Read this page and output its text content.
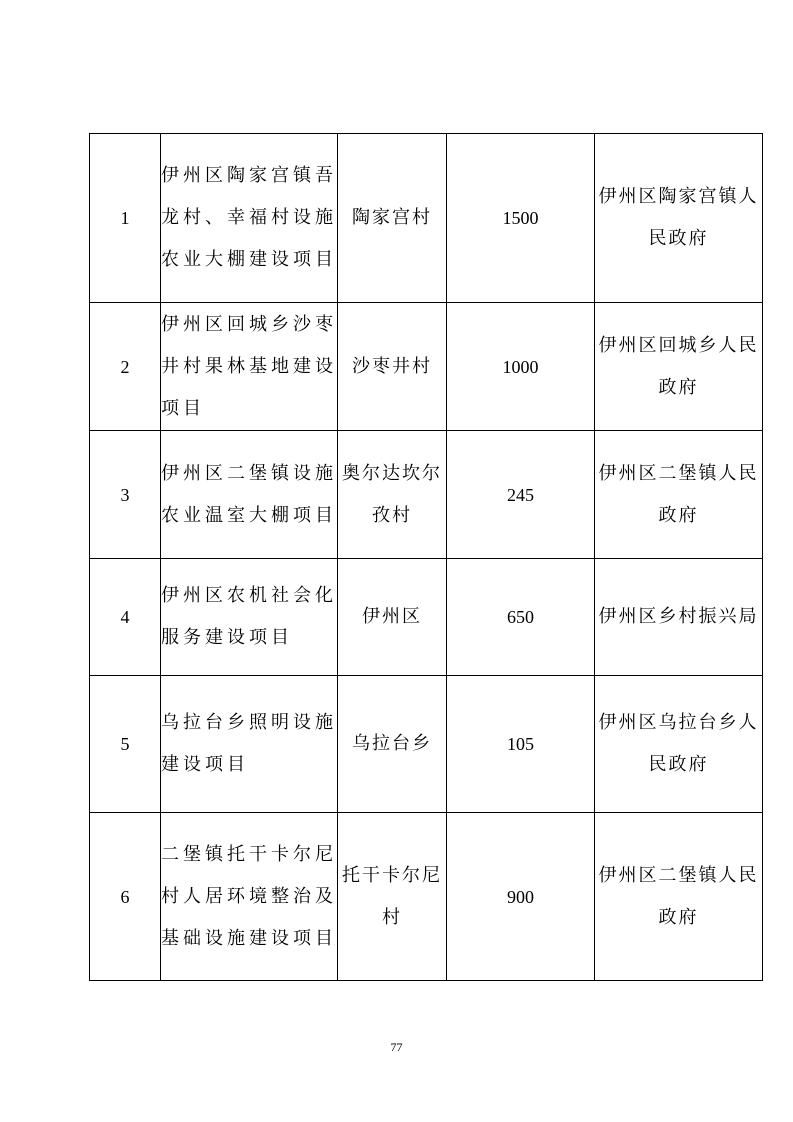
1	伊州区陶家宫镇吾龙村、幸福村设施农业大棚建设项目	陶家宫村	1500	伊州区陶家宫镇人民政府
2	伊州区回城乡沙枣井村果林基地建设项目	沙枣井村	1000	伊州区回城乡人民政府
3	伊州区二堡镇设施农业温室大棚项目	奥尔达坎尔孜村	245	伊州区二堡镇人民政府
4	伊州区农机社会化服务建设项目	伊州区	650	伊州区乡村振兴局
5	乌拉台乡照明设施建设项目	乌拉台乡	105	伊州区乌拉台乡人民政府
6	二堡镇托干卡尔尼村人居环境整治及基础设施建设项目	托干卡尔尼村	900	伊州区二堡镇人民政府
77
